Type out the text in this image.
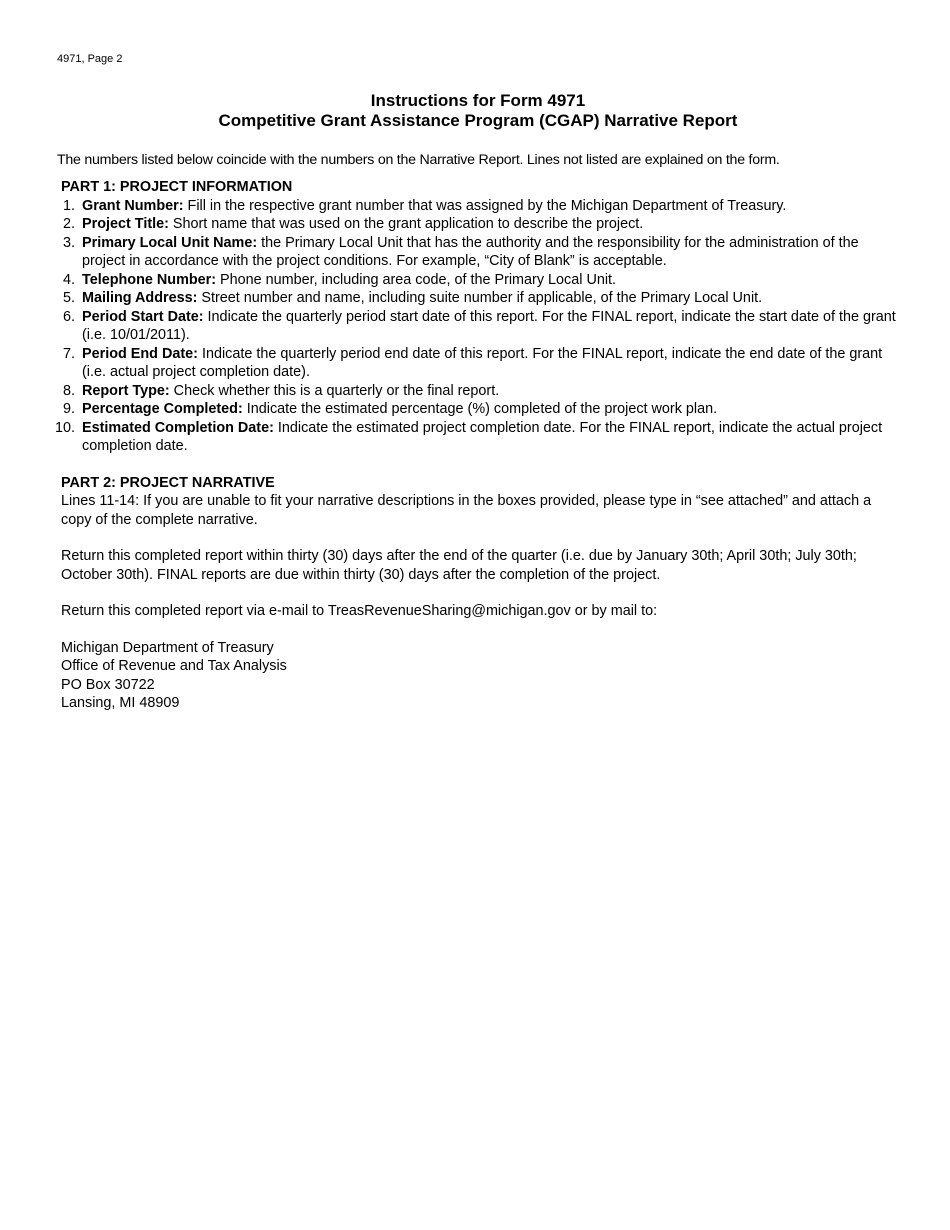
4971, Page 2
Instructions for Form 4971
Competitive Grant Assistance Program (CGAP) Narrative Report
The numbers listed below coincide with the numbers on the Narrative Report. Lines not listed are explained on the form.
PART 1: PROJECT INFORMATION
1. Grant Number: Fill in the respective grant number that was assigned by the Michigan Department of Treasury.
2. Project Title: Short name that was used on the grant application to describe the project.
3. Primary Local Unit Name: the Primary Local Unit that has the authority and the responsibility for the administration of the project in accordance with the project conditions. For example, “City of Blank” is acceptable.
4. Telephone Number: Phone number, including area code, of the Primary Local Unit.
5. Mailing Address: Street number and name, including suite number if applicable, of the Primary Local Unit.
6. Period Start Date: Indicate the quarterly period start date of this report. For the FINAL report, indicate the start date of the grant (i.e. 10/01/2011).
7. Period End Date: Indicate the quarterly period end date of this report. For the FINAL report, indicate the end date of the grant (i.e. actual project completion date).
8. Report Type: Check whether this is a quarterly or the final report.
9. Percentage Completed: Indicate the estimated percentage (%) completed of the project work plan.
10. Estimated Completion Date: Indicate the estimated project completion date. For the FINAL report, indicate the actual project completion date.
PART 2: PROJECT NARRATIVE

Lines 11-14: If you are unable to fit your narrative descriptions in the boxes provided, please type in “see attached” and attach a copy of the complete narrative.

Return this completed report within thirty (30) days after the end of the quarter (i.e. due by January 30th; April 30th; July 30th; October 30th). FINAL reports are due within thirty (30) days after the completion of the project.

Return this completed report via e-mail to TreasRevenueSharing@michigan.gov or by mail to:

Michigan Department of Treasury

Office of Revenue and Tax Analysis

PO Box 30722

Lansing, MI 48909
